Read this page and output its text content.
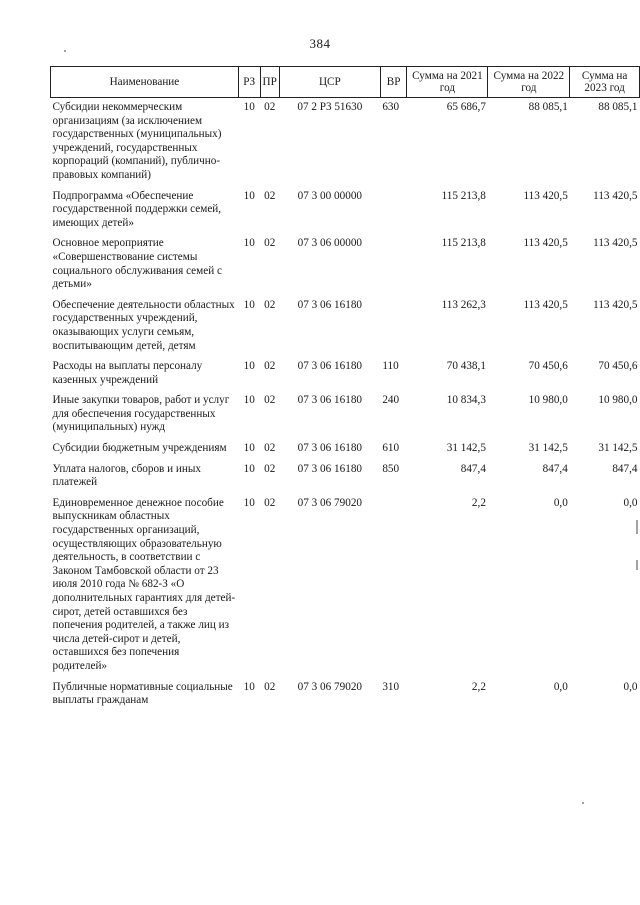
384
Наименование	РЗ	ПР	ЦСР	ВР	Сумма на 2021 год	Сумма на 2022 год	Сумма на 2023 год
Субсидии некоммерческим организациям (за исключением государственных (муниципальных) учреждений, государственных корпораций (компаний), публично-правовых компаний)	10	02	07 2 Р3 51630	630	65 686,7	88 085,1	88 085,1
Подпрограмма «Обеспечение государственной поддержки семей, имеющих детей»	10	02	07 3 00 00000		115 213,8	113 420,5	113 420,5
Основное мероприятие «Совершенствование системы социального обслуживания семей с детьми»	10	02	07 3 06 00000		115 213,8	113 420,5	113 420,5
Обеспечение деятельности областных государственных учреждений, оказывающих услуги семьям, воспитывающим детей, детям	10	02	07 3 06 16180		113 262,3	113 420,5	113 420,5
Расходы на выплаты персоналу казенных учреждений	10	02	07 3 06 16180	110	70 438,1	70 450,6	70 450,6
Иные закупки товаров, работ и услуг для обеспечения государственных (муниципальных) нужд	10	02	07 3 06 16180	240	10 834,3	10 980,0	10 980,0
Субсидии бюджетным учреждениям	10	02	07 3 06 16180	610	31 142,5	31 142,5	31 142,5
Уплата налогов, сборов и иных платежей	10	02	07 3 06 16180	850	847,4	847,4	847,4
Единовременное денежное пособие выпускникам областных государственных организаций, осуществляющих образовательную деятельность, в соответствии с Законом Тамбовской области от 23 июля 2010 года № 682-З «О дополнительных гарантиях для детей-сирот, детей оставшихся без попечения родителей, а также лиц из числа детей-сирот и детей, оставшихся без попечения родителей»	10	02	07 3 06 79020		2,2	0,0	0,0
Публичные нормативные социальные выплаты гражданам	10	02	07 3 06 79020	310	2,2	0,0	0,0
